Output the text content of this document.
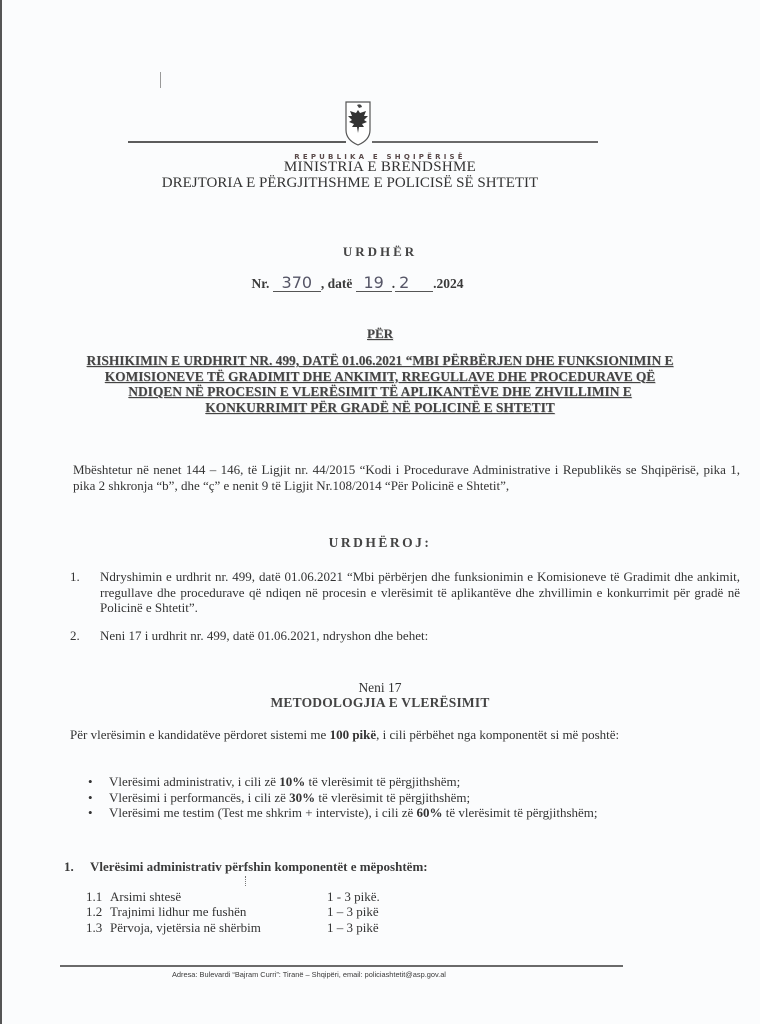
REPUBLIKA E SHQIPËRISË
MINISTRIA E BRENDSHME
DREJTORIA E PËRGJITHSHME E POLICISË SË SHTETIT
URDHËR
Nr. 370 , datë 19 . 2 .2024
PËR
RISHIKIMIN E URDHRIT NR. 499, DATË 01.06.2021 “MBI PËRBËRJEN DHE FUNKSIONIMIN E KOMISIONEVE TË GRADIMIT DHE ANKIMIT, RREGULLAVE DHE PROCEDURAVE QË NDIQEN NË PROCESIN E VLERËSIMIT TË APLIKANTËVE DHE ZHVILLIMIN E KONKURRIMIT PËR GRADË NË POLICINË E SHTETIT
Mbështetur në nenet 144 – 146, të Ligjit nr. 44/2015 “Kodi i Procedurave Administrative i Republikës se Shqipërisë, pika 1, pika 2 shkronja “b”, dhe “ç” e nenit 9 të Ligjit Nr.108/2014 “Për Policinë e Shtetit”,
URDHËROJ:
1. Ndryshimin e urdhrit nr. 499, datë 01.06.2021 “Mbi përbërjen dhe funksionimin e Komisioneve të Gradimit dhe ankimit, rregullave dhe procedurave që ndiqen në procesin e vlerësimit të aplikantëve dhe zhvillimin e konkurrimit për gradë në Policinë e Shtetit”.
2. Neni 17 i urdhrit nr. 499, datë 01.06.2021, ndryshon dhe behet:
Neni 17
METODOLOGJIA E VLERËSIMIT
Për vlerësimin e kandidatëve përdoret sistemi me 100 pikë, i cili përbëhet nga komponentët si më poshtë:
• Vlerësimi administrativ, i cili zë 10% të vlerësimit të përgjithshëm;
• Vlerësimi i performancës, i cili zë 30% të vlerësimit të përgjithshëm;
• Vlerësimi me testim (Test me shkrim + interviste), i cili zë 60% të vlerësimit të përgjithshëm;
1. Vlerësimi administrativ përfshin komponentët e mëposhtëm:
1.1 Arsimi shtesë	1 - 3 pikë.
1.2 Trajnimi lidhur me fushën	1 – 3 pikë
1.3 Përvoja, vjetërsia në shërbim	1 – 3 pikë
Adresa: Bulevardi “Bajram Curri”: Tiranë – Shqipëri, email: policiashtetit@asp.gov.al
